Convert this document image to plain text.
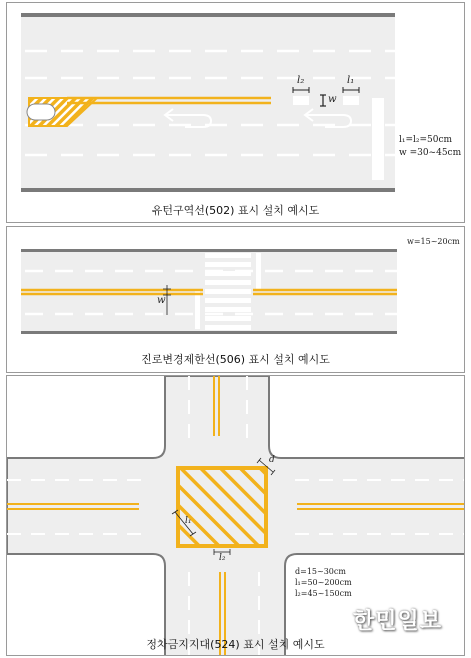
l₂	l₁
w
l₁=l₂=50cm
w =30~45cm
유턴구역선(502) 표시 설치 예시도
w
w=15~20cm
진로변경제한선(506) 표시 설치 예시도
d
l₁
l₂
d=15~30cm
l₁=50~200cm
l₂=45~150cm
정차금지지대(524) 표시 설치 예시도
한민일보
